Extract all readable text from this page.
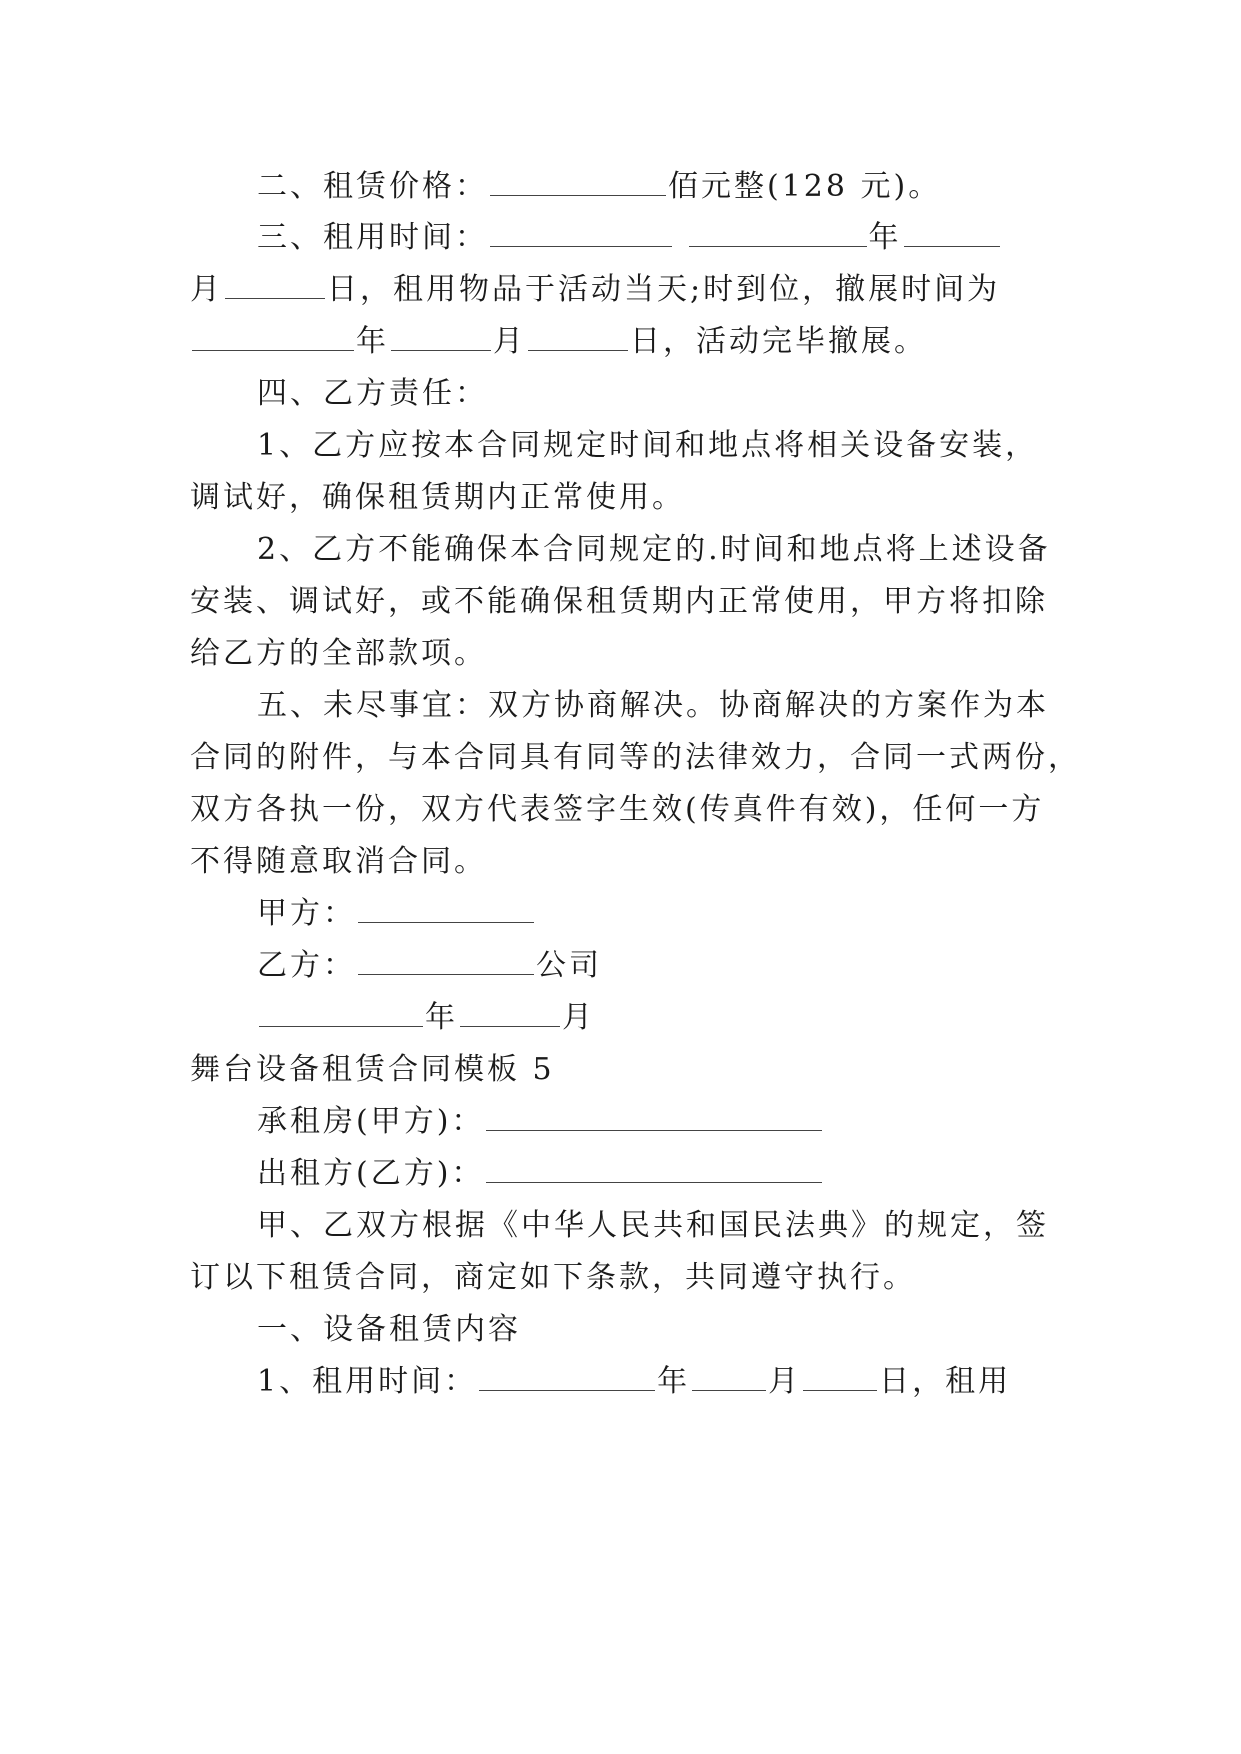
二、租赁价格：	佰元整(128 元)。
三、租用时间：	年
月	日，租用物品于活动当天;时到位，撤展时间为
年	月	日，活动完毕撤展。
四、乙方责任：
1、乙方应按本合同规定时间和地点将相关设备安装，
调试好，确保租赁期内正常使用。
2、乙方不能确保本合同规定的.时间和地点将上述设备
安装、调试好，或不能确保租赁期内正常使用，甲方将扣除
给乙方的全部款项。
五、未尽事宜：双方协商解决。协商解决的方案作为本
合同的附件，与本合同具有同等的法律效力，合同一式两份，
双方各执一份，双方代表签字生效(传真件有效)，任何一方
不得随意取消合同。
甲方：
乙方：	公司
年	月
舞台设备租赁合同模板 5
承租房(甲方)：
出租方(乙方)：
甲、乙双方根据《中华人民共和国民法典》的规定，签
订以下租赁合同，商定如下条款，共同遵守执行。
一、设备租赁内容
1、租用时间：	年	月	日，租用
